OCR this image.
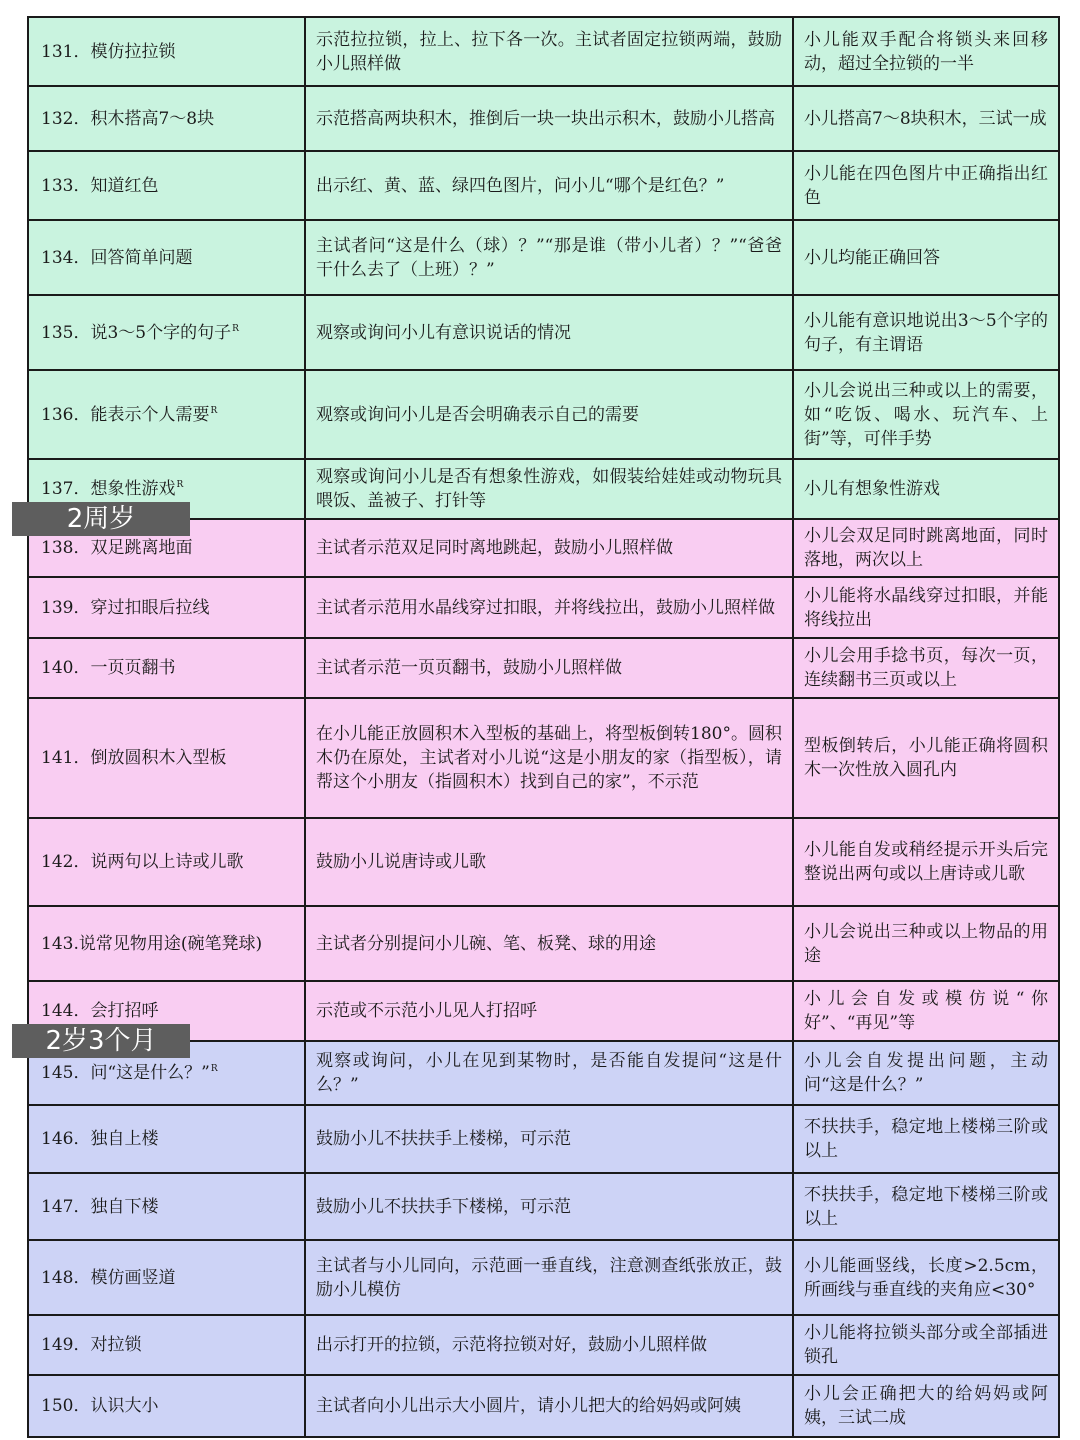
131．模仿拉拉锁	示范拉拉锁，拉上、拉下各一次。主试者固定拉锁两端，鼓励小儿照样做	小儿能双手配合将锁头来回移动，超过全拉锁的一半
132．积木搭高7～8块	示范搭高两块积木，推倒后一块一块出示积木，鼓励小儿搭高	小儿搭高7～8块积木，三试一成
133．知道红色	出示红、黄、蓝、绿四色图片，问小儿“哪个是红色？”	小儿能在四色图片中正确指出红色
134．回答简单问题	主试者问“这是什么（球）？”“那是谁（带小儿者）？”“爸爸干什么去了（上班）？”	小儿均能正确回答
135．说3～5个字的句子$^R$	观察或询问小儿有意识说话的情况	小儿能有意识地说出3～5个字的句子，有主谓语
136．能表示个人需要$^R$	观察或询问小儿是否会明确表示自己的需要	小儿会说出三种或以上的需要，如“吃饭、喝水、玩汽车、上街”等，可伴手势
137．想象性游戏$^R$	观察或询问小儿是否有想象性游戏，如假装给娃娃或动物玩具喂饭、盖被子、打针等	小儿有想象性游戏
138．双足跳离地面	主试者示范双足同时离地跳起，鼓励小儿照样做	小儿会双足同时跳离地面，同时落地，两次以上
139．穿过扣眼后拉线	主试者示范用水晶线穿过扣眼，并将线拉出，鼓励小儿照样做	小儿能将水晶线穿过扣眼，并能将线拉出
140．一页页翻书	主试者示范一页页翻书，鼓励小儿照样做	小儿会用手捻书页，每次一页，连续翻书三页或以上
141．倒放圆积木入型板	在小儿能正放圆积木入型板的基础上，将型板倒转180°。圆积木仍在原处，主试者对小儿说“这是小朋友的家（指型板），请帮这个小朋友（指圆积木）找到自己的家”，不示范	型板倒转后，小儿能正确将圆积木一次性放入圆孔内
142．说两句以上诗或儿歌	鼓励小儿说唐诗或儿歌	小儿能自发或稍经提示开头后完整说出两句或以上唐诗或儿歌
143.说常见物用途(碗笔凳球)	主试者分别提问小儿碗、笔、板凳、球的用途	小儿会说出三种或以上物品的用途
144．会打招呼	示范或不示范小儿见人打招呼	小儿会自发或模仿说“你好”、“再见”等
145．问“这是什么？”$^R$	观察或询问，小儿在见到某物时，是否能自发提问“这是什么？”	小儿会自发提出问题，主动问“这是什么？”
146．独自上楼	鼓励小儿不扶扶手上楼梯，可示范	不扶扶手，稳定地上楼梯三阶或以上
147．独自下楼	鼓励小儿不扶扶手下楼梯，可示范	不扶扶手，稳定地下楼梯三阶或以上
148．模仿画竖道	主试者与小儿同向，示范画一垂直线，注意测查纸张放正，鼓励小儿模仿	小儿能画竖线，长度>2.5cm，所画线与垂直线的夹角应<30°
149．对拉锁	出示打开的拉锁，示范将拉锁对好，鼓励小儿照样做	小儿能将拉锁头部分或全部插进锁孔
150．认识大小	主试者向小儿出示大小圆片，请小儿把大的给妈妈或阿姨	小儿会正确把大的给妈妈或阿姨，三试二成
2周岁
2岁3个月
